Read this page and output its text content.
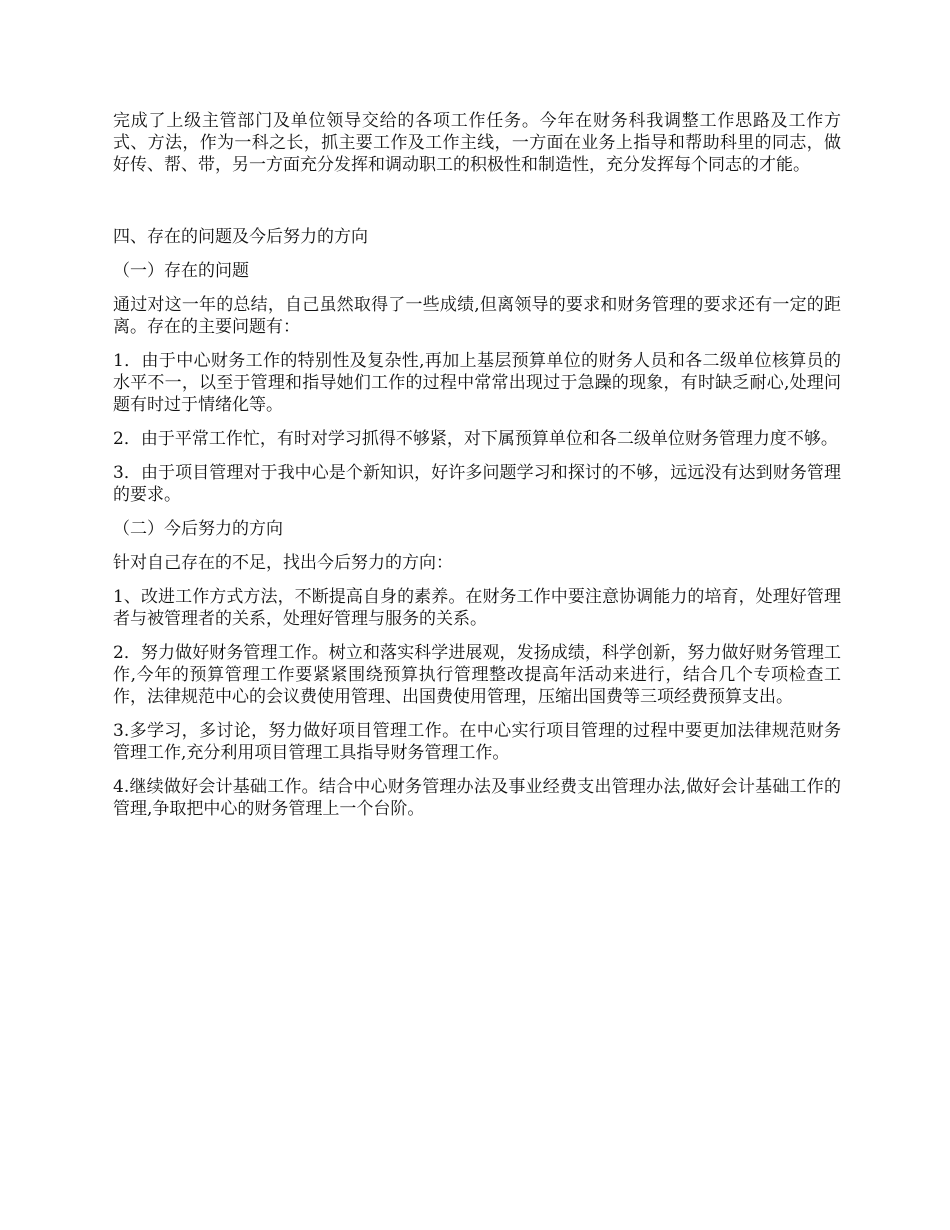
完成了上级主管部门及单位领导交给的各项工作任务。今年在财务科我调整工作思路及工作方式、方法，作为一科之长，抓主要工作及工作主线，一方面在业务上指导和帮助科里的同志，做好传、帮、带，另一方面充分发挥和调动职工的积极性和制造性，充分发挥每个同志的才能。

四、存在的问题及今后努力的方向

（一）存在的问题

通过对这一年的总结，自己虽然取得了一些成绩,但离领导的要求和财务管理的要求还有一定的距离。存在的主要问题有：

1．由于中心财务工作的特别性及复杂性,再加上基层预算单位的财务人员和各二级单位核算员的水平不一，以至于管理和指导她们工作的过程中常常出现过于急躁的现象，有时缺乏耐心,处理问题有时过于情绪化等。

2．由于平常工作忙，有时对学习抓得不够紧，对下属预算单位和各二级单位财务管理力度不够。

3．由于项目管理对于我中心是个新知识，好许多问题学习和探讨的不够，远远没有达到财务管理的要求。

（二）今后努力的方向

针对自己存在的不足，找出今后努力的方向：

1、改进工作方式方法，不断提高自身的素养。在财务工作中要注意协调能力的培育，处理好管理者与被管理者的关系，处理好管理与服务的关系。

2．努力做好财务管理工作。树立和落实科学进展观，发扬成绩，科学创新，努力做好财务管理工作,今年的预算管理工作要紧紧围绕预算执行管理整改提高年活动来进行，结合几个专项检查工作，法律规范中心的会议费使用管理、出国费使用管理，压缩出国费等三项经费预算支出。

3.多学习，多讨论，努力做好项目管理工作。在中心实行项目管理的过程中要更加法律规范财务管理工作,充分利用项目管理工具指导财务管理工作。

4.继续做好会计基础工作。结合中心财务管理办法及事业经费支出管理办法,做好会计基础工作的管理,争取把中心的财务管理上一个台阶。
